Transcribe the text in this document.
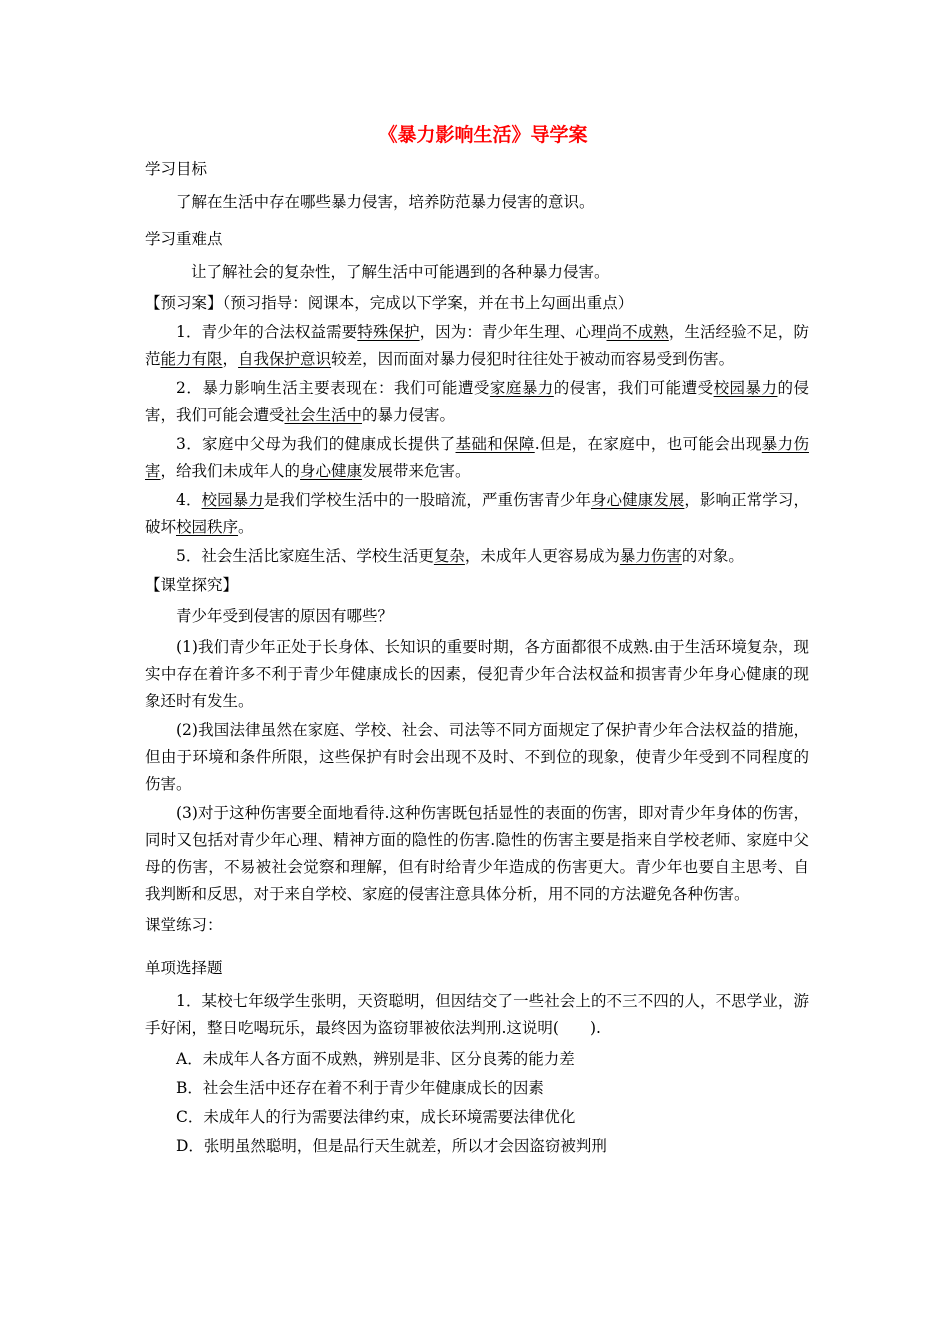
《暴力影响生活》导学案
学习目标
了解在生活中存在哪些暴力侵害，培养防范暴力侵害的意识。
学习重难点
让了解社会的复杂性，了解生活中可能遇到的各种暴力侵害。
【预习案】（预习指导：阅课本，完成以下学案，并在书上勾画出重点）
1．青少年的合法权益需要特殊保护，因为：青少年生理、心理尚不成熟，生活经验不足，防范能力有限，自我保护意识较差，因而面对暴力侵犯时往往处于被动而容易受到伤害。
2．暴力影响生活主要表现在：我们可能遭受家庭暴力的侵害，我们可能遭受校园暴力的侵害，我们可能会遭受社会生活中的暴力侵害。
3．家庭中父母为我们的健康成长提供了基础和保障.但是，在家庭中，也可能会出现暴力伤害，给我们未成年人的身心健康发展带来危害。
4．校园暴力是我们学校生活中的一股暗流，严重伤害青少年身心健康发展，影响正常学习，破坏校园秩序。
5．社会生活比家庭生活、学校生活更复杂，未成年人更容易成为暴力伤害的对象。
【课堂探究】
青少年受到侵害的原因有哪些？
(1)我们青少年正处于长身体、长知识的重要时期，各方面都很不成熟.由于生活环境复杂，现实中存在着许多不利于青少年健康成长的因素，侵犯青少年合法权益和损害青少年身心健康的现象还时有发生。
(2)我国法律虽然在家庭、学校、社会、司法等不同方面规定了保护青少年合法权益的措施，但由于环境和条件所限，这些保护有时会出现不及时、不到位的现象，使青少年受到不同程度的伤害。
(3)对于这种伤害要全面地看待.这种伤害既包括显性的表面的伤害，即对青少年身体的伤害，同时又包括对青少年心理、精神方面的隐性的伤害.隐性的伤害主要是指来自学校老师、家庭中父母的伤害，不易被社会觉察和理解，但有时给青少年造成的伤害更大。青少年也要自主思考、自我判断和反思，对于来自学校、家庭的侵害注意具体分析，用不同的方法避免各种伤害。
课堂练习：
单项选择题
1．某校七年级学生张明，天资聪明，但因结交了一些社会上的不三不四的人，不思学业，游手好闲，整日吃喝玩乐，最终因为盗窃罪被依法判刑.这说明(　　).
A．未成年人各方面不成熟，辨别是非、区分良莠的能力差
B．社会生活中还存在着不利于青少年健康成长的因素
C．未成年人的行为需要法律约束，成长环境需要法律优化
D．张明虽然聪明，但是品行天生就差，所以才会因盗窃被判刑
